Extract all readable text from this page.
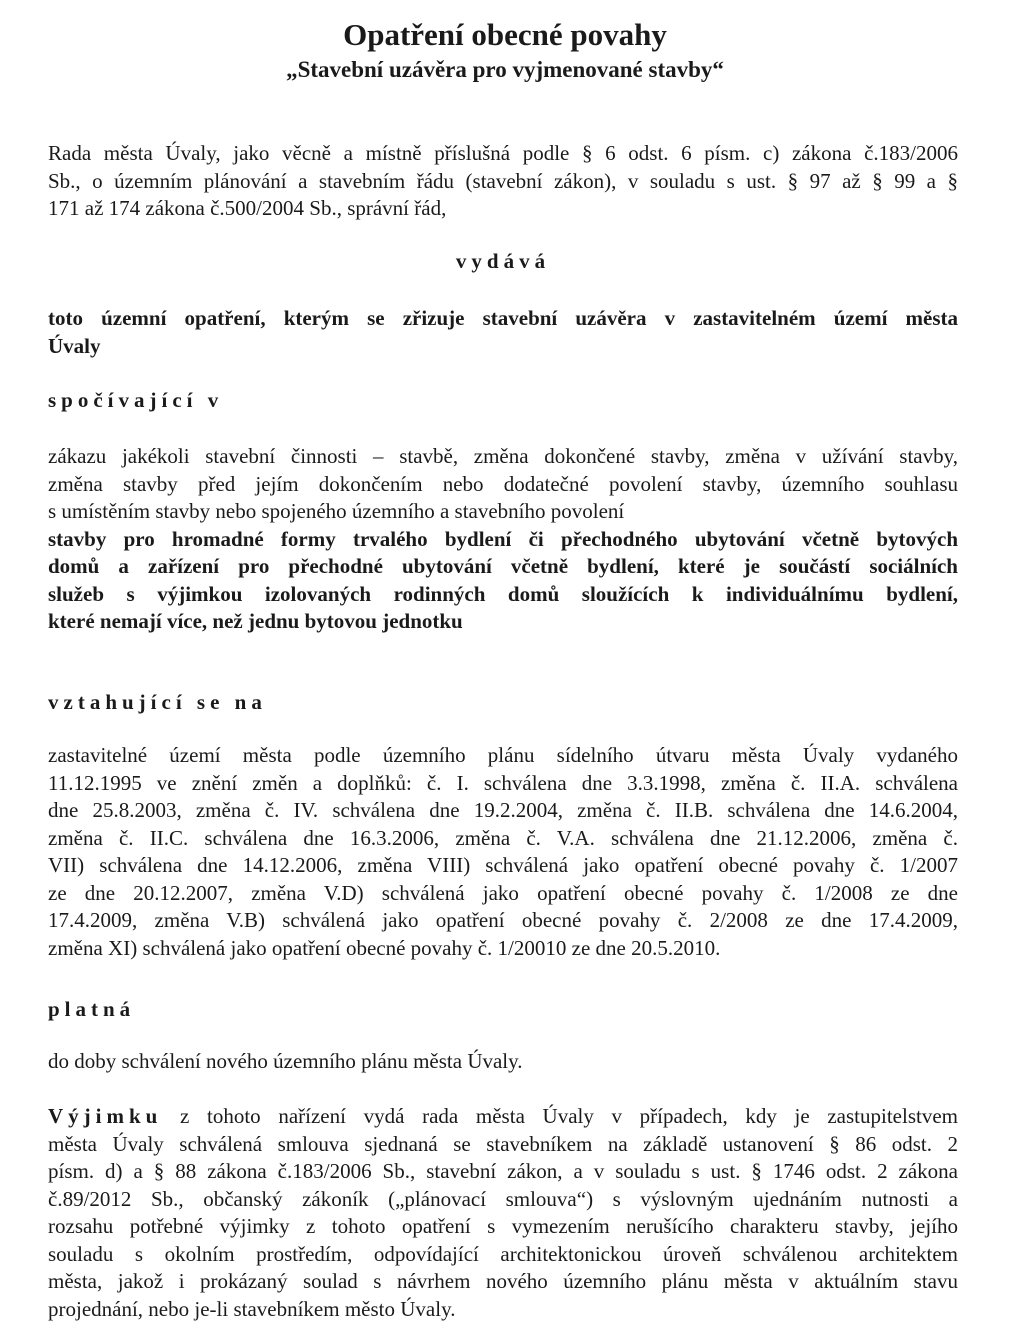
Opatření obecné povahy
„Stavební uzávěra pro vyjmenované stavby“
Rada města Úvaly, jako věcně a místně příslušná podle § 6 odst. 6 písm. c) zákona č.183/2006
Sb., o územním plánování a stavebním řádu (stavební zákon), v souladu s ust. § 97 až § 99 a §
171 až 174 zákona č.500/2004 Sb., správní řád,
vydává
toto územní opatření, kterým se zřizuje stavební uzávěra v zastavitelném území města
Úvaly
spočívající v
zákazu jakékoli stavební činnosti – stavbě, změna dokončené stavby, změna v užívání stavby,
změna stavby před jejím dokončením nebo dodatečné povolení stavby, územního souhlasu
s umístěním stavby nebo spojeného územního a stavebního povolení
stavby pro hromadné formy trvalého bydlení či přechodného ubytování včetně bytových
domů a zařízení pro přechodné ubytování včetně bydlení, které je součástí sociálních
služeb s výjimkou izolovaných rodinných domů sloužících k individuálnímu bydlení,
které nemají více, než jednu bytovou jednotku
vztahující se na
zastavitelné území města podle územního plánu sídelního útvaru města Úvaly vydaného
11.12.1995 ve znění změn a doplňků: č. I. schválena dne 3.3.1998, změna č. II.A. schválena
dne 25.8.2003, změna č. IV. schválena dne 19.2.2004, změna č. II.B. schválena dne 14.6.2004,
změna č. II.C. schválena dne 16.3.2006, změna č. V.A. schválena dne 21.12.2006, změna č.
VII) schválena dne 14.12.2006, změna VIII) schválená jako opatření obecné povahy č. 1/2007
ze dne 20.12.2007, změna V.D) schválená jako opatření obecné povahy č. 1/2008 ze dne
17.4.2009, změna V.B) schválená jako opatření obecné povahy č. 2/2008 ze dne 17.4.2009,
změna XI) schválená jako opatření obecné povahy č. 1/20010 ze dne 20.5.2010.
platná
do doby schválení nového územního plánu města Úvaly.
Výjimku z tohoto nařízení vydá rada města Úvaly v případech, kdy je zastupitelstvem
města Úvaly schválená smlouva sjednaná se stavebníkem na základě ustanovení § 86 odst. 2
písm. d) a § 88 zákona č.183/2006 Sb., stavební zákon, a v souladu s ust. § 1746 odst. 2 zákona
č.89/2012 Sb., občanský zákoník („plánovací smlouva“) s výslovným ujednáním nutnosti a
rozsahu potřebné výjimky z tohoto opatření s vymezením nerušícího charakteru stavby, jejího
souladu s okolním prostředím, odpovídající architektonickou úroveň schválenou architektem
města, jakož i prokázaný soulad s návrhem nového územního plánu města v aktuálním stavu
projednání, nebo je-li stavebníkem město Úvaly.
